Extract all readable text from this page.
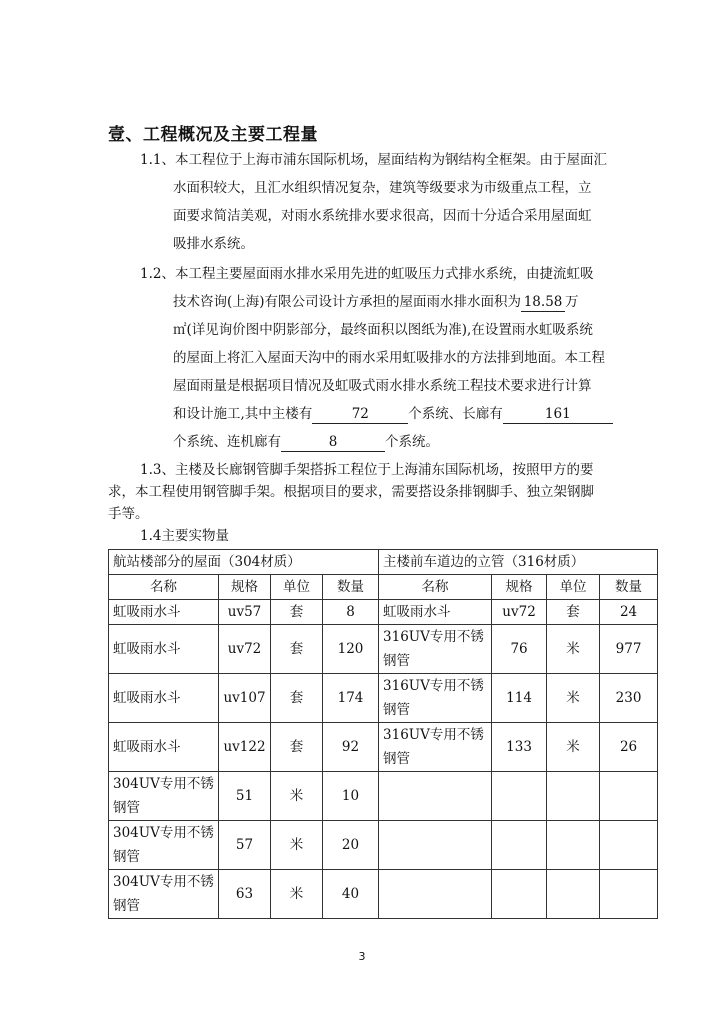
壹、工程概况及主要工程量
1.1、本工程位于上海市浦东国际机场，屋面结构为钢结构全框架。由于屋面汇
水面积较大，且汇水组织情况复杂，建筑等级要求为市级重点工程，立
面要求简洁美观，对雨水系统排水要求很高，因而十分适合采用屋面虹
吸排水系统。
1.2、本工程主要屋面雨水排水采用先进的虹吸压力式排水系统，由捷流虹吸
技术咨询(上海)有限公司设计方承担的屋面雨水排水面积为 18.58 万
㎡(详见询价图中阴影部分，最终面积以图纸为准),在设置雨水虹吸系统
的屋面上将汇入屋面天沟中的雨水采用虹吸排水的方法排到地面。本工程
屋面雨量是根据项目情况及虹吸式雨水排水系统工程技术要求进行计算
和设计施工,其中主楼有	72	个系统、长廊有	161
个系统、连机廊有	8	个系统。
1.3、主楼及长廊钢管脚手架搭拆工程位于上海浦东国际机场，按照甲方的要
求，本工程使用钢管脚手架。根据项目的要求，需要搭设条排钢脚手、独立架钢脚
手等。
1.4主要实物量
航站楼部分的屋面（304材质）				主楼前车道边的立管（316材质）			
名称	规格	单位	数量	名称	规格	单位	数量
虹吸雨水斗	uv57	套	8	虹吸雨水斗	uv72	套	24
虹吸雨水斗	uv72	套	120	316UV专用不锈钢管	76	米	977
虹吸雨水斗	uv107	套	174	316UV专用不锈钢管	114	米	230
虹吸雨水斗	uv122	套	92	316UV专用不锈钢管	133	米	26
304UV专用不锈钢管	51	米	10				
304UV专用不锈钢管	57	米	20				
304UV专用不锈钢管	63	米	40				
3
